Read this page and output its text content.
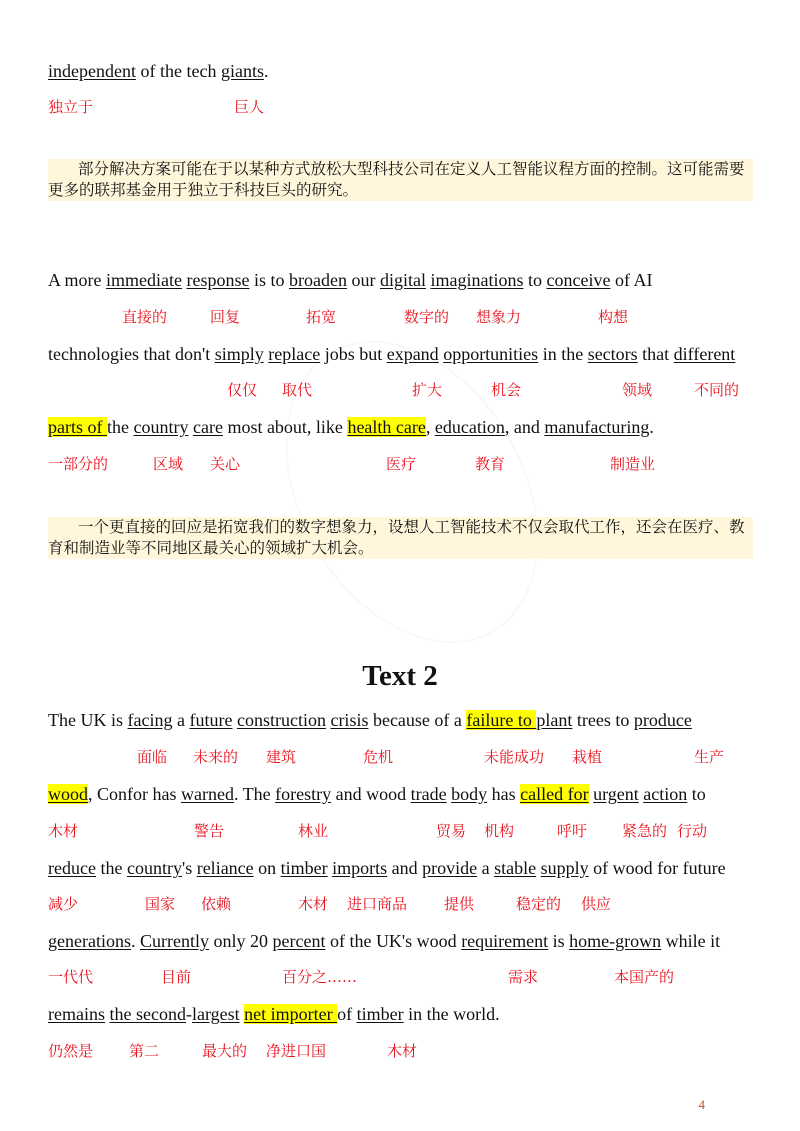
independent of the tech giants.
独立于	巨人
部分解决方案可能在于以某种方式放松大型科技公司在定义人工智能议程方面的控制。这可能需要更多的联邦基金用于独立于科技巨头的研究。
A more immediate response is to broaden our digital imaginations to conceive of AI
直接的	回复	拓宽	数字的 想象力	构想
technologies that don't simply replace jobs but expand opportunities in the sectors that different
仅仅 取代	扩大	机会	领域	不同的
parts of the country care most about, like health care, education, and manufacturing.
一部分的	区域 关心	医疗	教育	制造业
一个更直接的回应是拓宽我们的数字想象力，设想人工智能技术不仅会取代工作，还会在医疗、教育和制造业等不同地区最关心的领域扩大机会。
Text 2
The UK is facing a future construction crisis because of a failure to plant trees to produce
面临 未来的 建筑	危机	未能成功 栽植	生产
wood, Confor has warned. The forestry and wood trade body has called for urgent action to
木材	警告	林业	贸易 机构	呼吁 紧急的 行动
reduce the country's reliance on timber imports and provide a stable supply of wood for future
减少	国家 依赖	木材 进口商品 提供	稳定的 供应
generations. Currently only 20 percent of the UK's wood requirement is home-grown while it
一代代	目前	百分之……	需求	本国产的
remains the second-largest net importer of timber in the world.
仍然是 第二	最大的 净进口国	木材
4
